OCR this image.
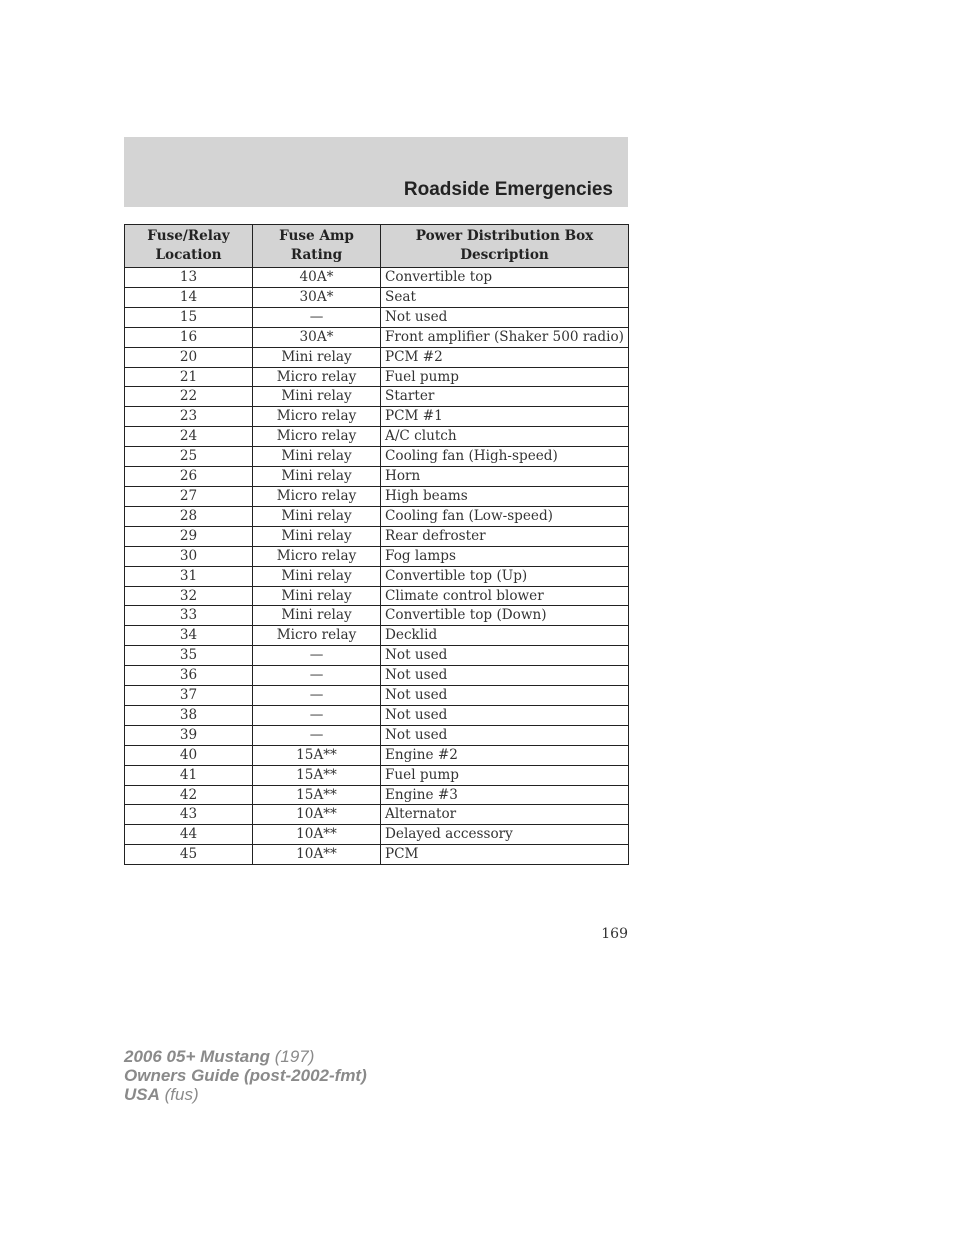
Roadside Emergencies
Fuse/Relay Location	Fuse Amp Rating	Power Distribution Box Description
13	40A*	Convertible top
14	30A*	Seat
15	—	Not used
16	30A*	Front amplifier (Shaker 500 radio)
20	Mini relay	PCM #2
21	Micro relay	Fuel pump
22	Mini relay	Starter
23	Micro relay	PCM #1
24	Micro relay	A/C clutch
25	Mini relay	Cooling fan (High-speed)
26	Mini relay	Horn
27	Micro relay	High beams
28	Mini relay	Cooling fan (Low-speed)
29	Mini relay	Rear defroster
30	Micro relay	Fog lamps
31	Mini relay	Convertible top (Up)
32	Mini relay	Climate control blower
33	Mini relay	Convertible top (Down)
34	Micro relay	Decklid
35	—	Not used
36	—	Not used
37	—	Not used
38	—	Not used
39	—	Not used
40	15A**	Engine #2
41	15A**	Fuel pump
42	15A**	Engine #3
43	10A**	Alternator
44	10A**	Delayed accessory
45	10A**	PCM
169
2006 05+ Mustang (197)
Owners Guide (post-2002-fmt)
USA (fus)
